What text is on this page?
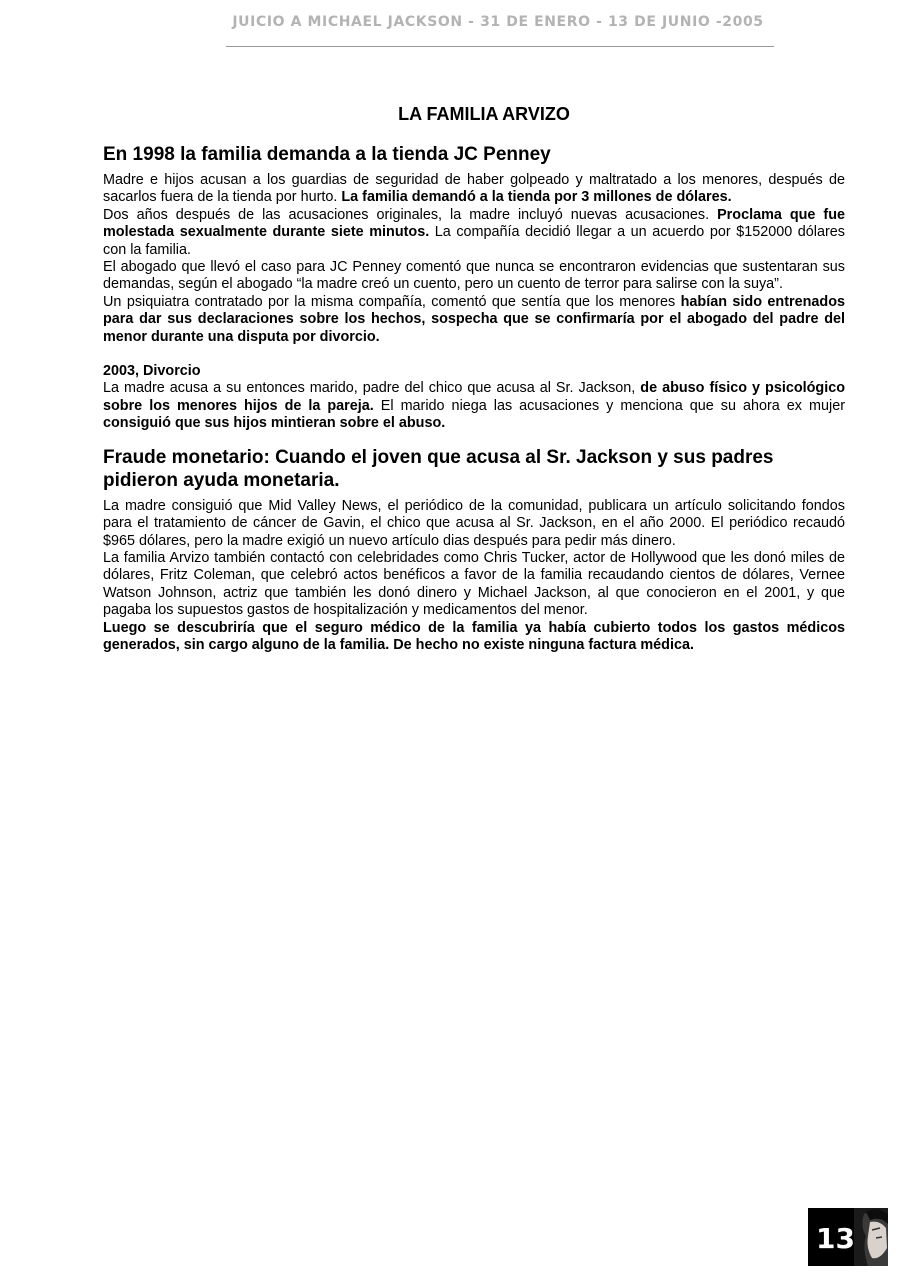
JUICIO A MICHAEL JACKSON - 31 DE ENERO - 13 DE JUNIO -2005
LA FAMILIA ARVIZO
En 1998 la familia demanda a la tienda JC Penney

Madre e hijos acusan a los guardias de seguridad de haber golpeado y maltratado a los menores, después de sacarlos fuera de la tienda por hurto. La familia demandó a la tienda por 3 millones de dólares.

Dos años después de las acusaciones originales, la madre incluyó nuevas acusaciones. Proclama que fue molestada sexualmente durante siete minutos. La compañía decidió llegar a un acuerdo por $152000 dólares con la familia.

El abogado que llevó el caso para JC Penney comentó que nunca se encontraron evidencias que sustentaran sus demandas, según el abogado “la madre creó un cuento, pero un cuento de terror para salirse con la suya”.

Un psiquiatra contratado por la misma compañía, comentó que sentía que los menores habían sido entrenados para dar sus declaraciones sobre los hechos, sospecha que se confirmaría por el abogado del padre del menor durante una disputa por divorcio.

2003, Divorcio

La madre acusa a su entonces marido, padre del chico que acusa al Sr. Jackson, de abuso físico y psicológico sobre los menores hijos de la pareja. El marido niega las acusaciones y menciona que su ahora ex mujer consiguió que sus hijos mintieran sobre el abuso.

Fraude monetario: Cuando el joven que acusa al Sr. Jackson y sus padres pidieron ayuda monetaria.

La madre consiguió que Mid Valley News, el periódico de la comunidad, publicara un artículo solicitando fondos para el tratamiento de cáncer de Gavin, el chico que acusa al Sr. Jackson, en el año 2000. El periódico recaudó $965 dólares, pero la madre exigió un nuevo artículo dias después para pedir más dinero.

La familia Arvizo también contactó con celebridades como Chris Tucker, actor de Hollywood que les donó miles de dólares, Fritz Coleman, que celebró actos benéficos a favor de la familia recaudando cientos de dólares, Vernee Watson Johnson, actriz que también les donó dinero y Michael Jackson, al que conocieron en el 2001, y que pagaba los supuestos gastos de hospitalización y medicamentos del menor.

Luego se descubriría que el seguro médico de la familia ya había cubierto todos los gastos médicos generados, sin cargo alguno de la familia. De hecho no existe ninguna factura médica.

13
